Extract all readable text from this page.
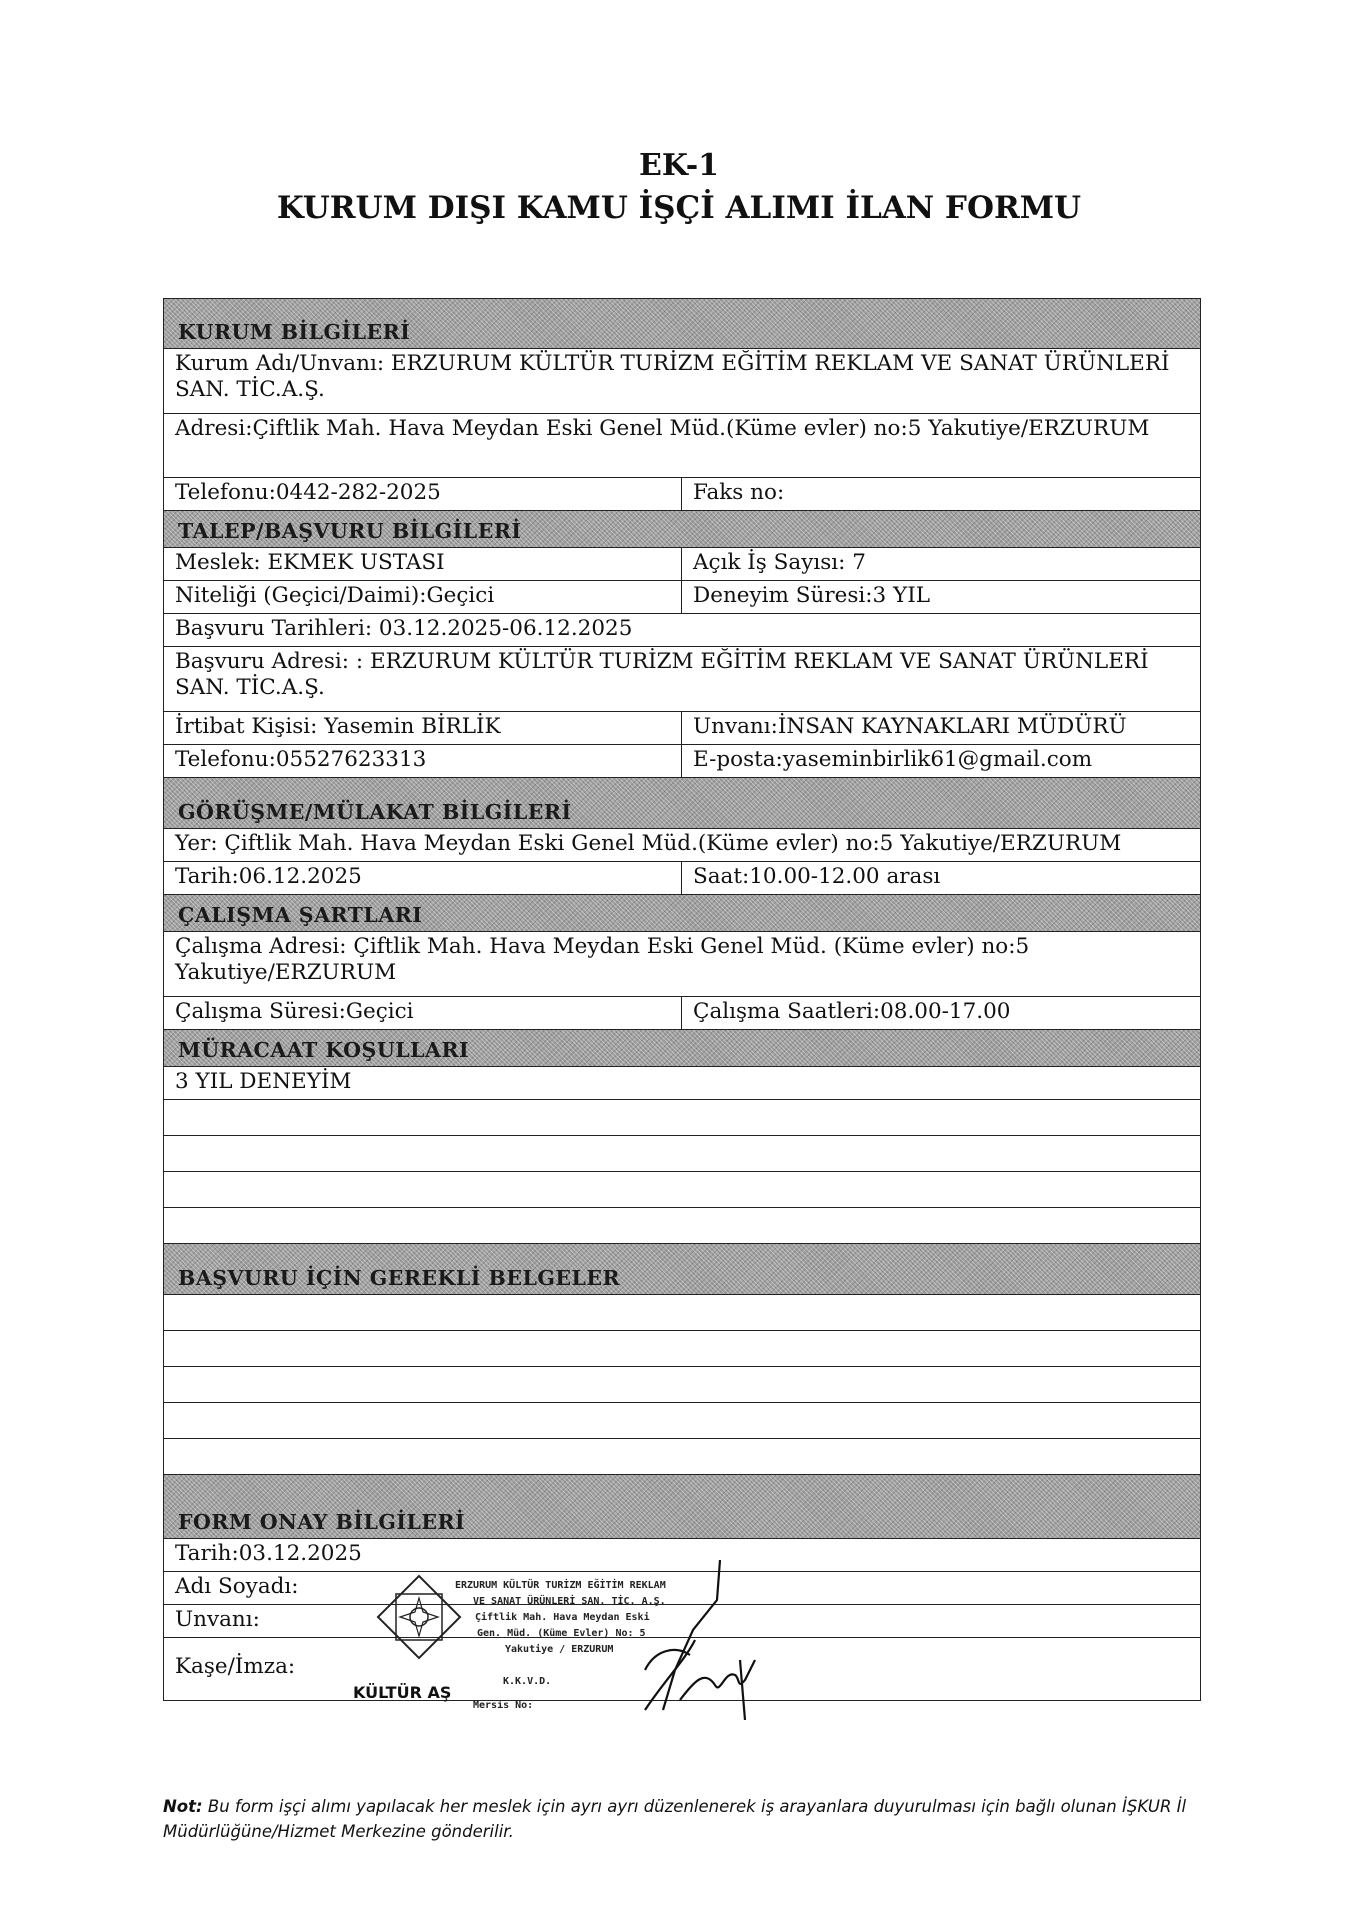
EK-1
KURUM DIŞI KAMU İŞÇİ ALIMI İLAN FORMU
KURUM BİLGİLERİ
Kurum Adı/Unvanı: ERZURUM KÜLTÜR TURİZM EĞİTİM REKLAM VE SANAT ÜRÜNLERİ SAN. TİC.A.Ş.
Adresi:Çiftlik Mah. Hava Meydan Eski Genel Müd.(Küme evler) no:5 Yakutiye/ERZURUM
Telefonu:0442-282-2025	Faks no:
TALEP/BAŞVURU BİLGİLERİ
Meslek: EKMEK USTASI	Açık İş Sayısı: 7
Niteliği (Geçici/Daimi):Geçici	Deneyim Süresi:3 YIL
Başvuru Tarihleri: 03.12.2025-06.12.2025
Başvuru Adresi: : ERZURUM KÜLTÜR TURİZM EĞİTİM REKLAM VE SANAT ÜRÜNLERİ SAN. TİC.A.Ş.
İrtibat Kişisi: Yasemin BİRLİK	Unvanı:İNSAN KAYNAKLARI MÜDÜRÜ
Telefonu:05527623313	E-posta:yaseminbirlik61@gmail.com
GÖRÜŞME/MÜLAKAT BİLGİLERİ
Yer: Çiftlik Mah. Hava Meydan Eski Genel Müd.(Küme evler) no:5 Yakutiye/ERZURUM
Tarih:06.12.2025	Saat:10.00-12.00 arası
ÇALIŞMA ŞARTLARI
Çalışma Adresi: Çiftlik Mah. Hava Meydan Eski Genel Müd. (Küme evler) no:5 Yakutiye/ERZURUM
Çalışma Süresi:Geçici	Çalışma Saatleri:08.00-17.00
MÜRACAAT KOŞULLARI
3 YIL DENEYİM
BAŞVURU İÇİN GEREKLİ BELGELER
FORM ONAY BİLGİLERİ
Tarih:03.12.2025
Adı Soyadı:
Unvanı:
Kaşe/İmza:
KÜLTÜR AŞ
ERZURUM KÜLTÜR TURİZM EĞİTİM REKLAM
VE SANAT ÜRÜNLERİ SAN. TİC. A.Ş.
Çiftlik Mah. Hava Meydan Eski
Gen. Müd. (Küme Evler) No: 5
Yakutiye / ERZURUM
K.K.V.D.
Mersis No:
Not: Bu form işçi alımı yapılacak her meslek için ayrı ayrı düzenlenerek iş arayanlara duyurulması için bağlı olunan İŞKUR İl Müdürlüğüne/Hizmet Merkezine gönderilir.
